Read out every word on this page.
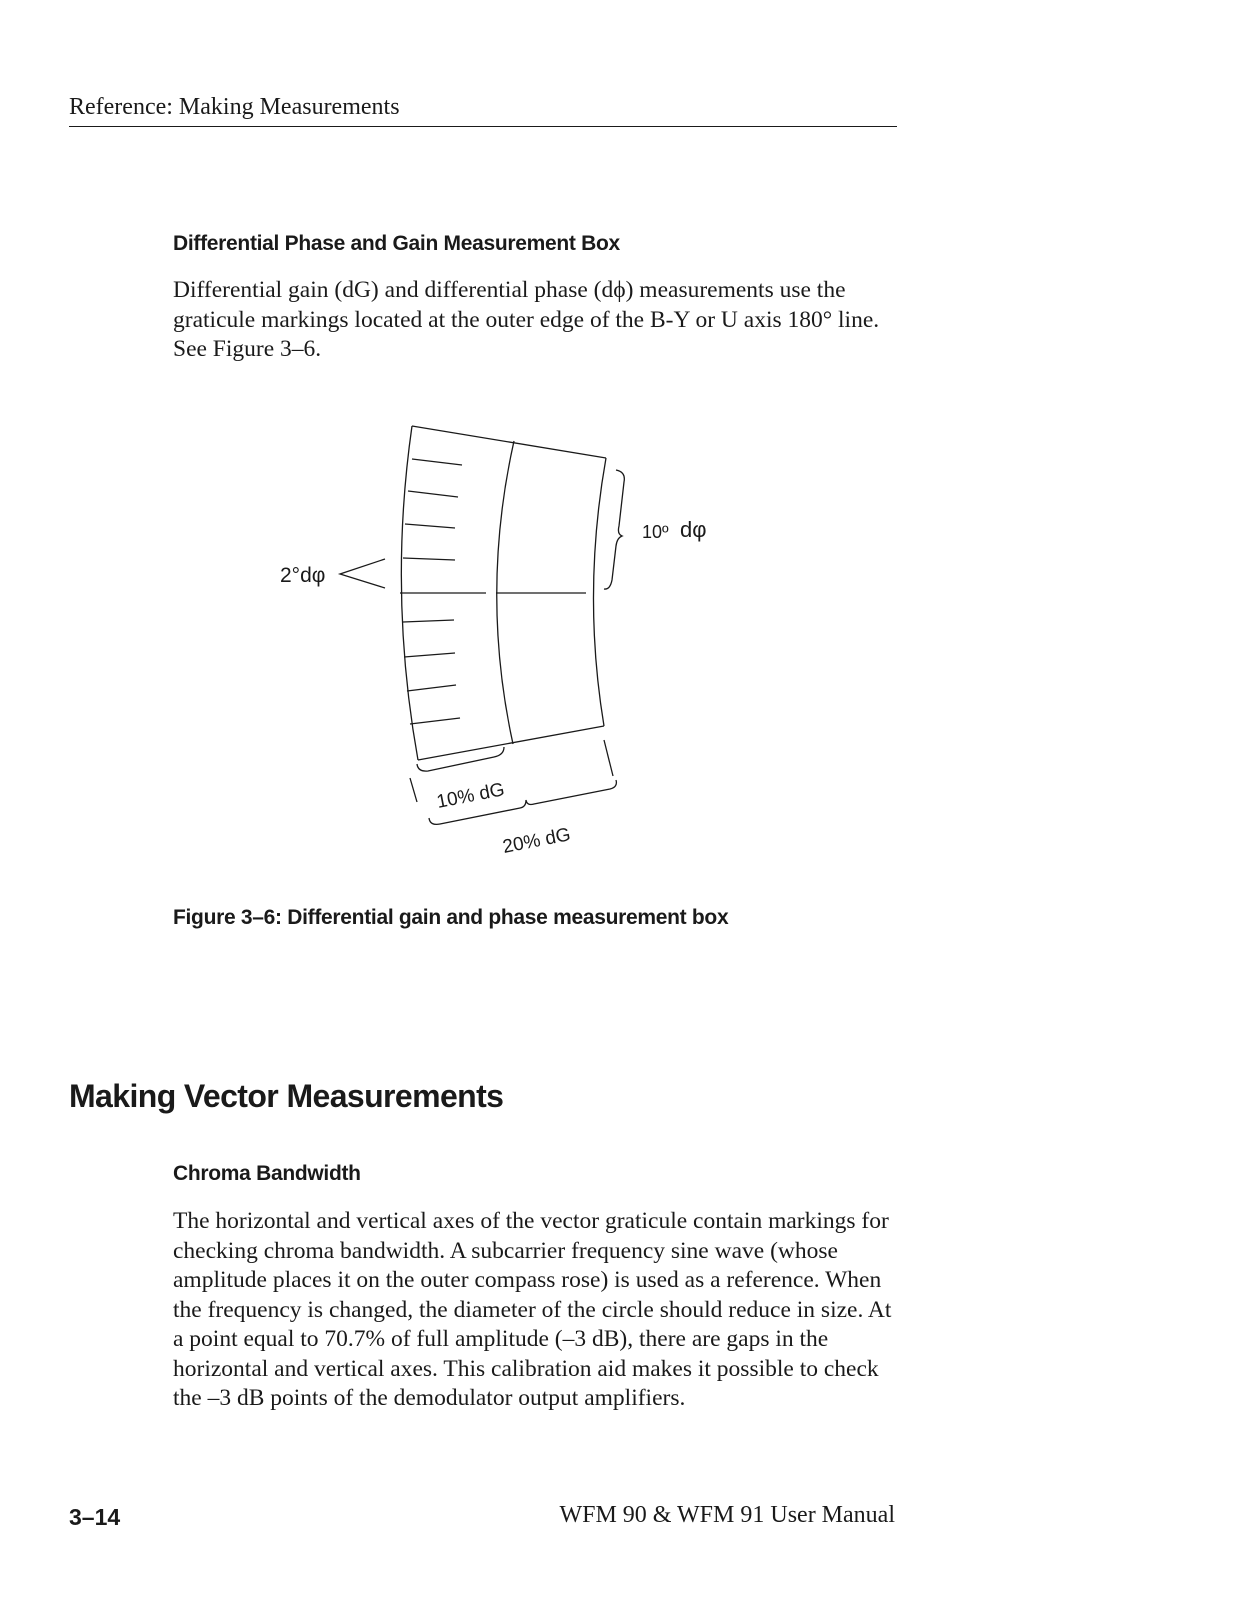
Reference: Making Measurements
Differential Phase and Gain Measurement Box

Differential gain (dG) and differential phase (dϕ) measurements use the graticule markings located at the outer edge of the B-Y or U axis 180° line. See Figure 3–6.

2°dφ
10º dφ
10% dG
20% dG
Figure 3–6: Differential gain and phase measurement box
Making Vector Measurements
Chroma Bandwidth

The horizontal and vertical axes of the vector graticule contain markings for checking chroma bandwidth. A subcarrier frequency sine wave (whose amplitude places it on the outer compass rose) is used as a reference. When the frequency is changed, the diameter of the circle should reduce in size. At a point equal to 70.7% of full amplitude (–3 dB), there are gaps in the horizontal and vertical axes. This calibration aid makes it possible to check the –3 dB points of the demodulator output amplifiers.

3–14	WFM 90 & WFM 91 User Manual
